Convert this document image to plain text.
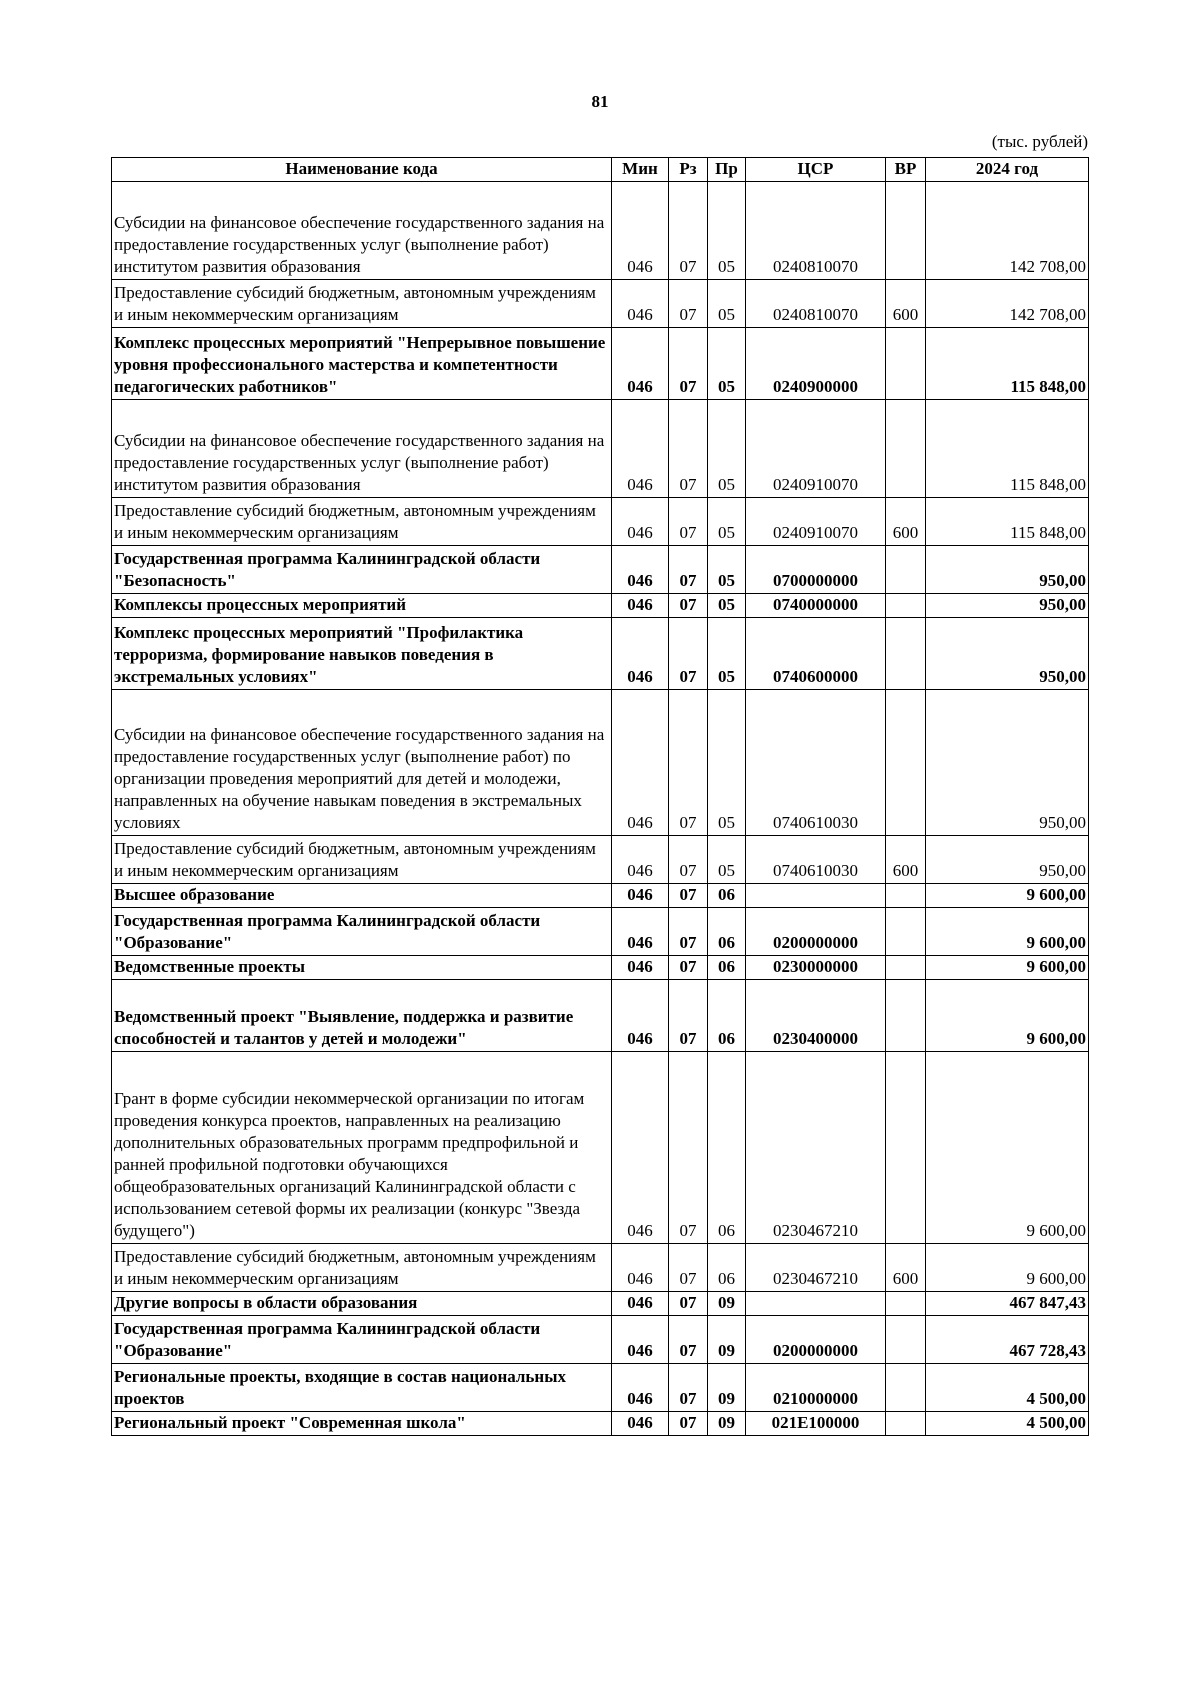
81
(тыс. рублей)
Наименование кода	Мин	Рз	Пр	ЦСР	ВР	2024 год
Субсидии на финансовое обеспечение государственного задания на предоставление государственных услуг (выполнение работ) институтом развития образования	046	07	05	0240810070		142 708,00
Предоставление субсидий бюджетным, автономным учреждениям и иным некоммерческим организациям	046	07	05	0240810070	600	142 708,00
Комплекс процессных мероприятий "Непрерывное повышение уровня профессионального мастерства и компетентности педагогических работников"	046	07	05	0240900000		115 848,00
Субсидии на финансовое обеспечение государственного задания на предоставление государственных услуг (выполнение работ) институтом развития образования	046	07	05	0240910070		115 848,00
Предоставление субсидий бюджетным, автономным учреждениям и иным некоммерческим организациям	046	07	05	0240910070	600	115 848,00
Государственная программа Калининградской области "Безопасность"	046	07	05	0700000000		950,00
Комплексы процессных мероприятий	046	07	05	0740000000		950,00
Комплекс процессных мероприятий "Профилактика терроризма, формирование навыков поведения в экстремальных условиях"	046	07	05	0740600000		950,00
Субсидии на финансовое обеспечение государственного задания на предоставление государственных услуг (выполнение работ) по организации проведения мероприятий для детей и молодежи, направленных на обучение навыкам поведения в экстремальных условиях	046	07	05	0740610030		950,00
Предоставление субсидий бюджетным, автономным учреждениям и иным некоммерческим организациям	046	07	05	0740610030	600	950,00
Высшее образование	046	07	06			9 600,00
Государственная программа Калининградской области "Образование"	046	07	06	0200000000		9 600,00
Ведомственные проекты	046	07	06	0230000000		9 600,00
Ведомственный проект "Выявление, поддержка и развитие способностей и талантов у детей и молодежи"	046	07	06	0230400000		9 600,00
Грант в форме субсидии некоммерческой организации по итогам проведения конкурса проектов, направленных на реализацию дополнительных образовательных программ предпрофильной и ранней профильной подготовки обучающихся общеобразовательных организаций Калининградской области с использованием сетевой формы их реализации (конкурс "Звезда будущего")	046	07	06	0230467210		9 600,00
Предоставление субсидий бюджетным, автономным учреждениям и иным некоммерческим организациям	046	07	06	0230467210	600	9 600,00
Другие вопросы в области образования	046	07	09			467 847,43
Государственная программа Калининградской области "Образование"	046	07	09	0200000000		467 728,43
Региональные проекты, входящие в состав национальных проектов	046	07	09	0210000000		4 500,00
Региональный проект "Современная школа"	046	07	09	021E100000		4 500,00
